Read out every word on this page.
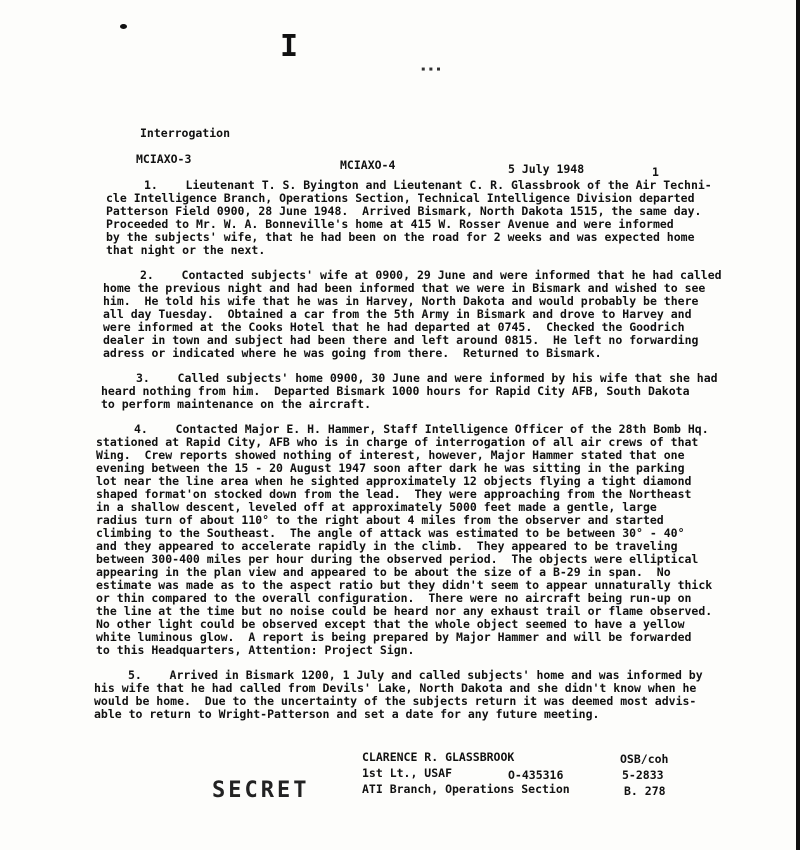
I
ᐧᐧᐧ
Interrogation
MCIAXO-3	MCIAXO-4	5 July 1948	1
1.    Lieutenant T. S. Byington and Lieutenant C. R. Glassbrook of the Air Techni-
cle Intelligence Branch, Operations Section, Technical Intelligence Division departed
Patterson Field 0900, 28 June 1948.  Arrived Bismark, North Dakota 1515, the same day.
Proceeded to Mr. W. A. Bonneville's home at 415 W. Rosser Avenue and were informed
by the subjects' wife, that he had been on the road for 2 weeks and was expected home
that night or the next.
2.    Contacted subjects' wife at 0900, 29 June and were informed that he had called
home the previous night and had been informed that we were in Bismark and wished to see
him.  He told his wife that he was in Harvey, North Dakota and would probably be there
all day Tuesday.  Obtained a car from the 5th Army in Bismark and drove to Harvey and
were informed at the Cooks Hotel that he had departed at 0745.  Checked the Goodrich
dealer in town and subject had been there and left around 0815.  He left no forwarding
adress or indicated where he was going from there.  Returned to Bismark.
3.    Called subjects' home 0900, 30 June and were informed by his wife that she had
heard nothing from him.  Departed Bismark 1000 hours for Rapid City AFB, South Dakota
to perform maintenance on the aircraft.
4.    Contacted Major E. H. Hammer, Staff Intelligence Officer of the 28th Bomb Hq.
stationed at Rapid City, AFB who is in charge of interrogation of all air crews of that
Wing.  Crew reports showed nothing of interest, however, Major Hammer stated that one
evening between the 15 - 20 August 1947 soon after dark he was sitting in the parking
lot near the line area when he sighted approximately 12 objects flying a tight diamond
shaped format'on stocked down from the lead.  They were approaching from the Northeast
in a shallow descent, leveled off at approximately 5000 feet made a gentle, large
radius turn of about 110° to the right about 4 miles from the observer and started
climbing to the Southeast.  The angle of attack was estimated to be between 30° - 40°
and they appeared to accelerate rapidly in the climb.  They appeared to be traveling
between 300-400 miles per hour during the observed period.  The objects were elliptical
appearing in the plan view and appeared to be about the size of a B-29 in span.  No
estimate was made as to the aspect ratio but they didn't seem to appear unnaturally thick
or thin compared to the overall configuration.  There were no aircraft being run-up on
the line at the time but no noise could be heard nor any exhaust trail or flame observed.
No other light could be observed except that the whole object seemed to have a yellow
white luminous glow.  A report is being prepared by Major Hammer and will be forwarded
to this Headquarters, Attention: Project Sign.
5.    Arrived in Bismark 1200, 1 July and called subjects' home and was informed by
his wife that he had called from Devils' Lake, North Dakota and she didn't know when he
would be home.  Due to the uncertainty of the subjects return it was deemed most advis-
able to return to Wright-Patterson and set a date for any future meeting.
CLARENCE R. GLASSBROOK
1st Lt., USAF	O-435316
ATI Branch, Operations Section
OSB/coh
5-2833
B. 278
SECRET
